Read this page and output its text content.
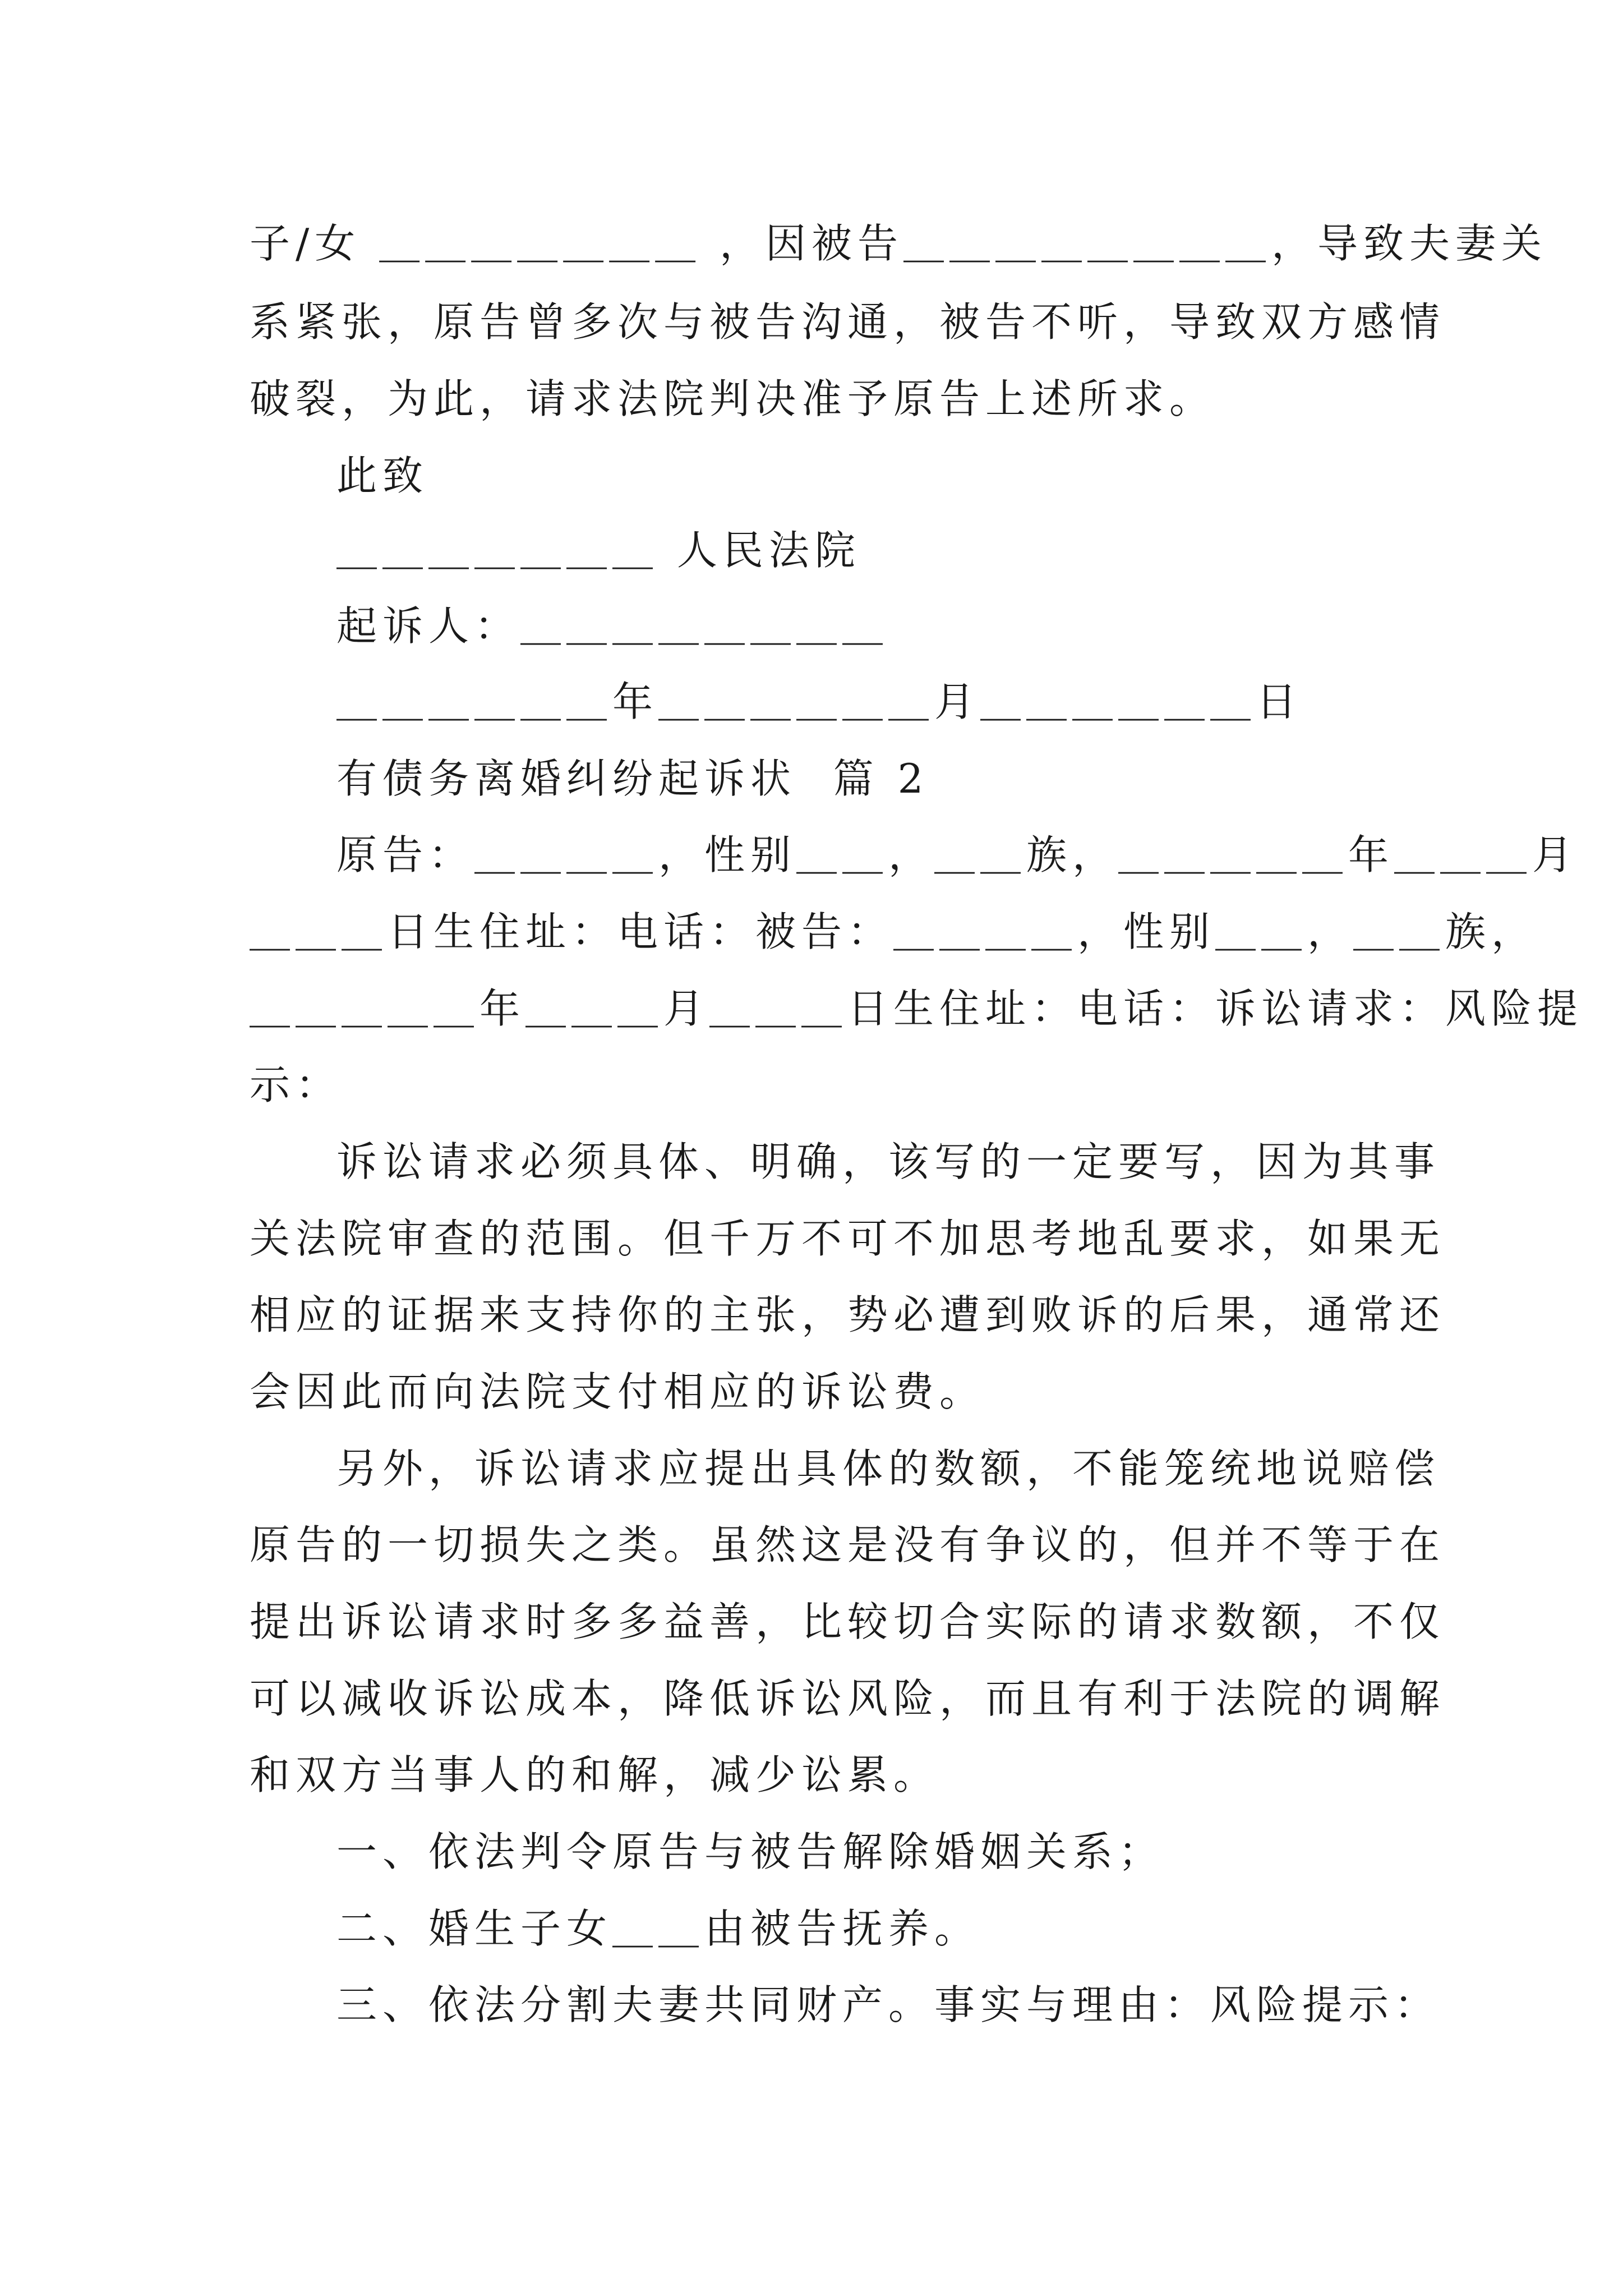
子/女 ＿＿＿＿＿＿＿ ，因被告＿＿＿＿＿＿＿＿，导致夫妻关
系紧张，原告曾多次与被告沟通，被告不听，导致双方感情
破裂，为此，请求法院判决准予原告上述所求。
此致
＿＿＿＿＿＿＿ 人民法院
起诉人：＿＿＿＿＿＿＿＿
＿＿＿＿＿＿年＿＿＿＿＿＿月＿＿＿＿＿＿日
有债务离婚纠纷起诉状  篇 2
原告：＿＿＿＿，性别＿＿，＿＿族，＿＿＿＿＿年＿＿＿月
＿＿＿日生住址：电话：被告：＿＿＿＿，性别＿＿，＿＿族，
＿＿＿＿＿年＿＿＿月＿＿＿日生住址：电话：诉讼请求：风险提
示：
诉讼请求必须具体、明确，该写的一定要写，因为其事
关法院审查的范围。但千万不可不加思考地乱要求，如果无
相应的证据来支持你的主张，势必遭到败诉的后果，通常还
会因此而向法院支付相应的诉讼费。
另外，诉讼请求应提出具体的数额，不能笼统地说赔偿
原告的一切损失之类。虽然这是没有争议的，但并不等于在
提出诉讼请求时多多益善，比较切合实际的请求数额，不仅
可以减收诉讼成本，降低诉讼风险，而且有利于法院的调解
和双方当事人的和解，减少讼累。
一、依法判令原告与被告解除婚姻关系；
二、婚生子女＿＿由被告抚养。
三、依法分割夫妻共同财产。事实与理由：风险提示：
